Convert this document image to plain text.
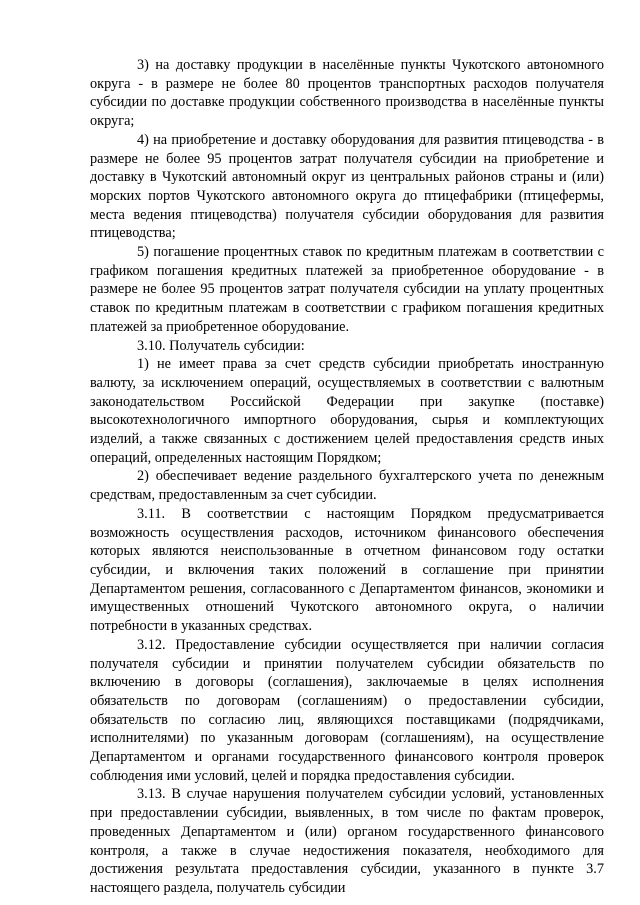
3) на доставку продукции в населённые пункты Чукотского автономного округа - в размере не более 80 процентов транспортных расходов получателя субсидии по доставке продукции собственного производства в населённые пункты округа;

4) на приобретение и доставку оборудования для развития птицеводства - в размере не более 95 процентов затрат получателя субсидии на приобретение и доставку в Чукотский автономный округ из центральных районов страны и (или) морских портов Чукотского автономного округа до птицефабрики (птицефермы, места ведения птицеводства) получателя субсидии оборудования для развития птицеводства;

5) погашение процентных ставок по кредитным платежам в соответствии с графиком погашения кредитных платежей за приобретенное оборудование - в размере не более 95 процентов затрат получателя субсидии на уплату процентных ставок по кредитным платежам в соответствии с графиком погашения кредитных платежей за приобретенное оборудование.

3.10. Получатель субсидии:

1) не имеет права за счет средств субсидии приобретать иностранную валюту, за исключением операций, осуществляемых в соответствии с валютным законодательством Российской Федерации при закупке (поставке) высокотехнологичного импортного оборудования, сырья и комплектующих изделий, а также связанных с достижением целей предоставления средств иных операций, определенных настоящим Порядком;

2) обеспечивает ведение раздельного бухгалтерского учета по денежным средствам, предоставленным за счет субсидии.

3.11. В соответствии с настоящим Порядком предусматривается возможность осуществления расходов, источником финансового обеспечения которых являются неиспользованные в отчетном финансовом году остатки субсидии, и включения таких положений в соглашение при принятии Департаментом решения, согласованного с Департаментом финансов, экономики и имущественных отношений Чукотского автономного округа, о наличии потребности в указанных средствах.

3.12. Предоставление субсидии осуществляется при наличии согласия получателя субсидии и принятии получателем субсидии обязательств по включению в договоры (соглашения), заключаемые в целях исполнения обязательств по договорам (соглашениям) о предоставлении субсидии, обязательств по согласию лиц, являющихся поставщиками (подрядчиками, исполнителями) по указанным договорам (соглашениям), на осуществление Департаментом и органами государственного финансового контроля проверок соблюдения ими условий, целей и порядка предоставления субсидии.

3.13. В случае нарушения получателем субсидии условий, установленных при предоставлении субсидии, выявленных, в том числе по фактам проверок, проведенных Департаментом и (или) органом государственного финансового контроля, а также в случае недостижения показателя, необходимого для достижения результата предоставления субсидии, указанного в пункте 3.7 настоящего раздела, получатель субсидии
